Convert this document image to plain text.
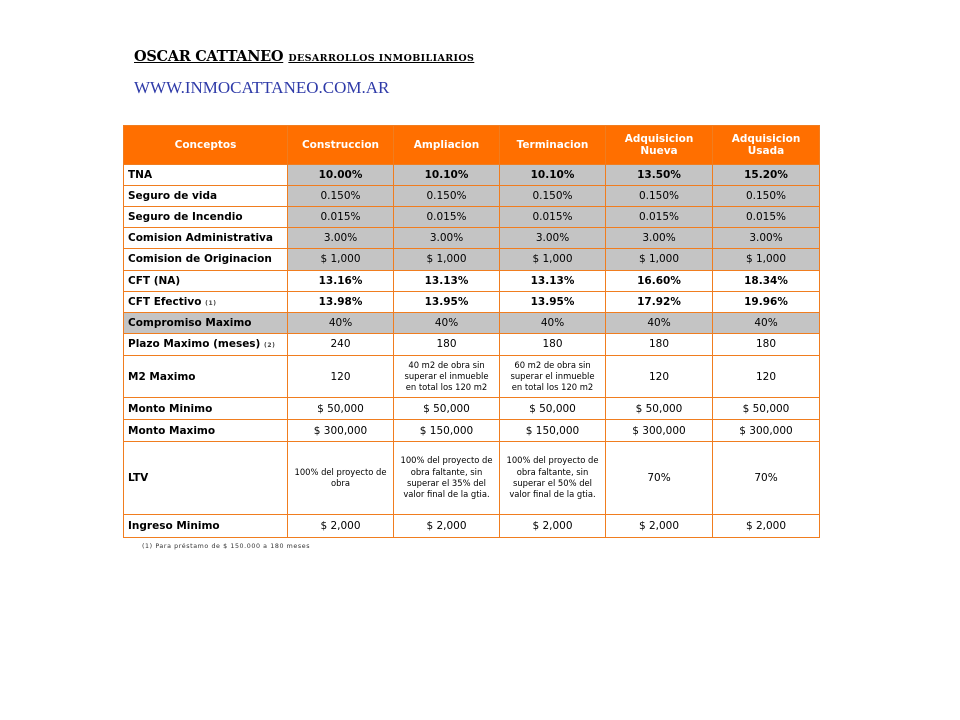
OSCAR CATTANEO DESARROLLOS INMOBILIARIOS
WWW.INMOCATTANEO.COM.AR
Conceptos	Construccion	Ampliacion	Terminacion	Adquisicion Nueva	Adquisicion Usada
TNA	10.00%	10.10%	10.10%	13.50%	15.20%
Seguro de vida	0.150%	0.150%	0.150%	0.150%	0.150%
Seguro de Incendio	0.015%	0.015%	0.015%	0.015%	0.015%
Comision Administrativa	3.00%	3.00%	3.00%	3.00%	3.00%
Comision de Originacion	$ 1,000	$ 1,000	$ 1,000	$ 1,000	$ 1,000
CFT (NA)	13.16%	13.13%	13.13%	16.60%	18.34%
CFT Efectivo (1)	13.98%	13.95%	13.95%	17.92%	19.96%
Compromiso Maximo	40%	40%	40%	40%	40%
Plazo Maximo (meses) (2)	240	180	180	180	180
M2 Maximo	120	40 m2 de obra sin superar el inmueble en total los 120 m2	60 m2 de obra sin superar el inmueble en total los 120 m2	120	120
Monto Minimo	$ 50,000	$ 50,000	$ 50,000	$ 50,000	$ 50,000
Monto Maximo	$ 300,000	$ 150,000	$ 150,000	$ 300,000	$ 300,000
LTV	100% del proyecto de obra	100% del proyecto de obra faltante, sin superar el 35% del valor final de la gtia.	100% del proyecto de obra faltante, sin superar el 50% del valor final de la gtia.	70%	70%
Ingreso Minimo	$ 2,000	$ 2,000	$ 2,000	$ 2,000	$ 2,000
(1) Para préstamo de $ 150.000 a 180 meses
